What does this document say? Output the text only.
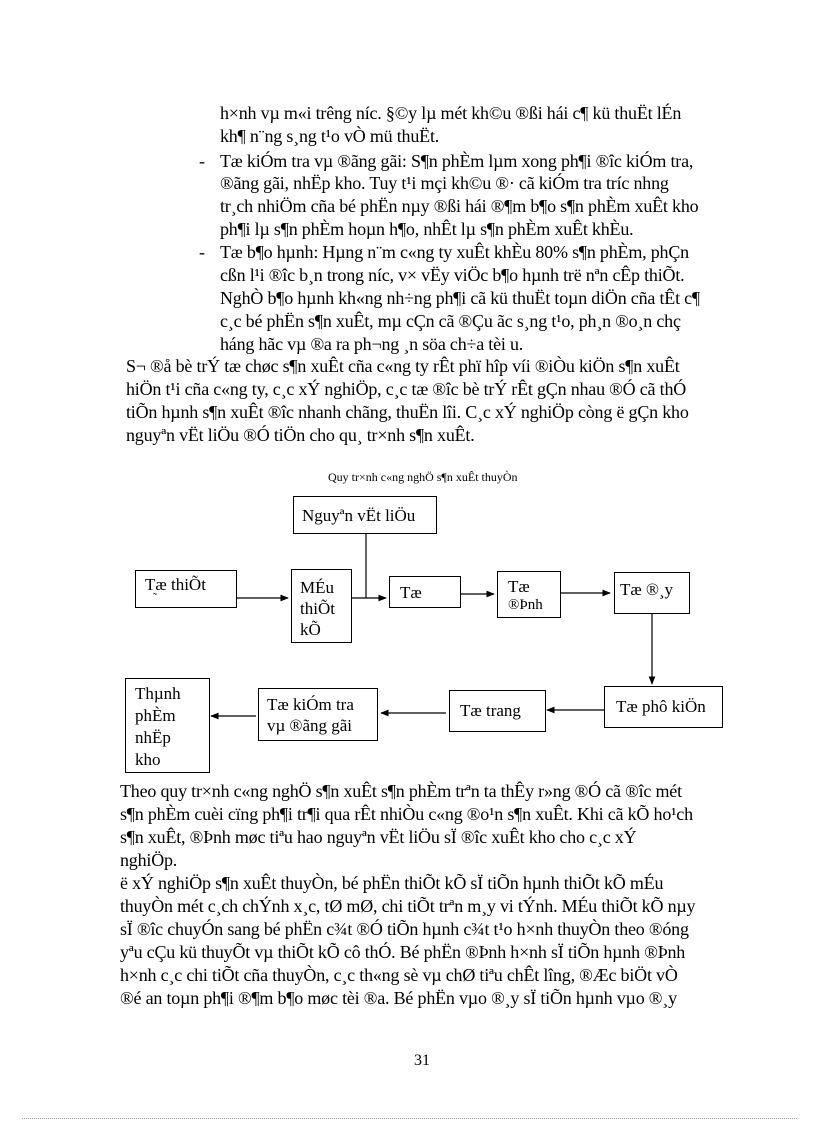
h×nh vµ m«i trêng níc. §©y lµ mét kh©u ®ßi hái c¶ kü thuËt lÉn
kh¶ n¨ng s¸ng t¹o vÒ mü thuËt.
- Tæ kiÓm tra vµ ®ãng gãi: S¶n phÈm lµm xong ph¶i ®îc kiÓm tra,
®ãng gãi, nhËp kho. Tuy t¹i mçi kh©u ®· cã kiÓm tra tríc nhng
tr¸ch nhiÖm cña bé phËn nµy ®ßi hái ®¶m b¶o s¶n phÈm xuÊt kho
ph¶i lµ s¶n phÈm hoµn h¶o, nhÊt lµ s¶n phÈm xuÊt khÈu.
- Tæ b¶o hµnh: Hµng n¨m c«ng ty xuÊt khÈu 80% s¶n phÈm, phÇn
cßn l¹i ®îc b¸n trong níc, v× vËy viÖc b¶o hµnh trë nªn cÊp thiÕt.
NghÒ b¶o hµnh kh«ng nh÷ng ph¶i cã kü thuËt toµn diÖn cña tÊt c¶
c¸c bé phËn s¶n xuÊt, mµ cÇn cã ®Çu ãc s¸ng t¹o, ph¸n ®o¸n chç
háng hãc vµ ®a ra ph¬ng ¸n söa ch÷a tèi u.
S¬ ®å bè trÝ tæ chøc s¶n xuÊt cña c«ng ty rÊt phï hîp víi ®iÒu kiÖn s¶n xuÊt
hiÖn t¹i cña c«ng ty, c¸c xÝ nghiÖp, c¸c tæ ®îc bè trÝ rÊt gÇn nhau ®Ó cã thÓ
tiÕn hµnh s¶n xuÊt ®îc nhanh chãng, thuËn lîi. C¸c xÝ nghiÖp còng ë gÇn kho
nguyªn vËt liÖu ®Ó tiÖn cho qu¸ tr×nh s¶n xuÊt.
Quy tr×nh c«ng nghÖ s¶n xuÊt thuyÒn
Nguyªn vËt liÖu
Tæ thiÕt
˜	MÉu
thiÕt
kÕ
Tæ	Tæ
®Þnh
Tæ ®¸y
Tæ phô kiÖn
Tæ trang
Tæ kiÓm tra
vµ ®ãng gãi
Thµnh
phÈm
nhËp
kho
Theo quy tr×nh c«ng nghÖ s¶n xuÊt s¶n phÈm trªn ta thÊy r»ng ®Ó cã ®îc mét
s¶n phÈm cuèi cïng ph¶i tr¶i qua rÊt nhiÒu c«ng ®o¹n s¶n xuÊt. Khi cã kÕ ho¹ch
s¶n xuÊt, ®Þnh møc tiªu hao nguyªn vËt liÖu sÏ ®îc xuÊt kho cho c¸c xÝ
nghiÖp.
ë xÝ nghiÖp s¶n xuÊt thuyÒn, bé phËn thiÕt kÕ sÏ tiÕn hµnh thiÕt kÕ mÉu
thuyÒn mét c¸ch chÝnh x¸c, tØ mØ, chi tiÕt trªn m¸y vi tÝnh. MÉu thiÕt kÕ nµy
sÏ ®îc chuyÓn sang bé phËn c¾t ®Ó tiÕn hµnh c¾t t¹o h×nh thuyÒn theo ®óng
yªu cÇu kü thuyÕt vµ thiÕt kÕ cô thÓ. Bé phËn ®Þnh h×nh sÏ tiÕn hµnh ®Þnh
h×nh c¸c chi tiÕt cña thuyÒn, c¸c th«ng sè vµ chØ tiªu chÊt lîng, ®Æc biÖt vÒ
®é an toµn ph¶i ®¶m b¶o møc tèi ®a. Bé phËn vµo ®¸y sÏ tiÕn hµnh vµo ®¸y
31
